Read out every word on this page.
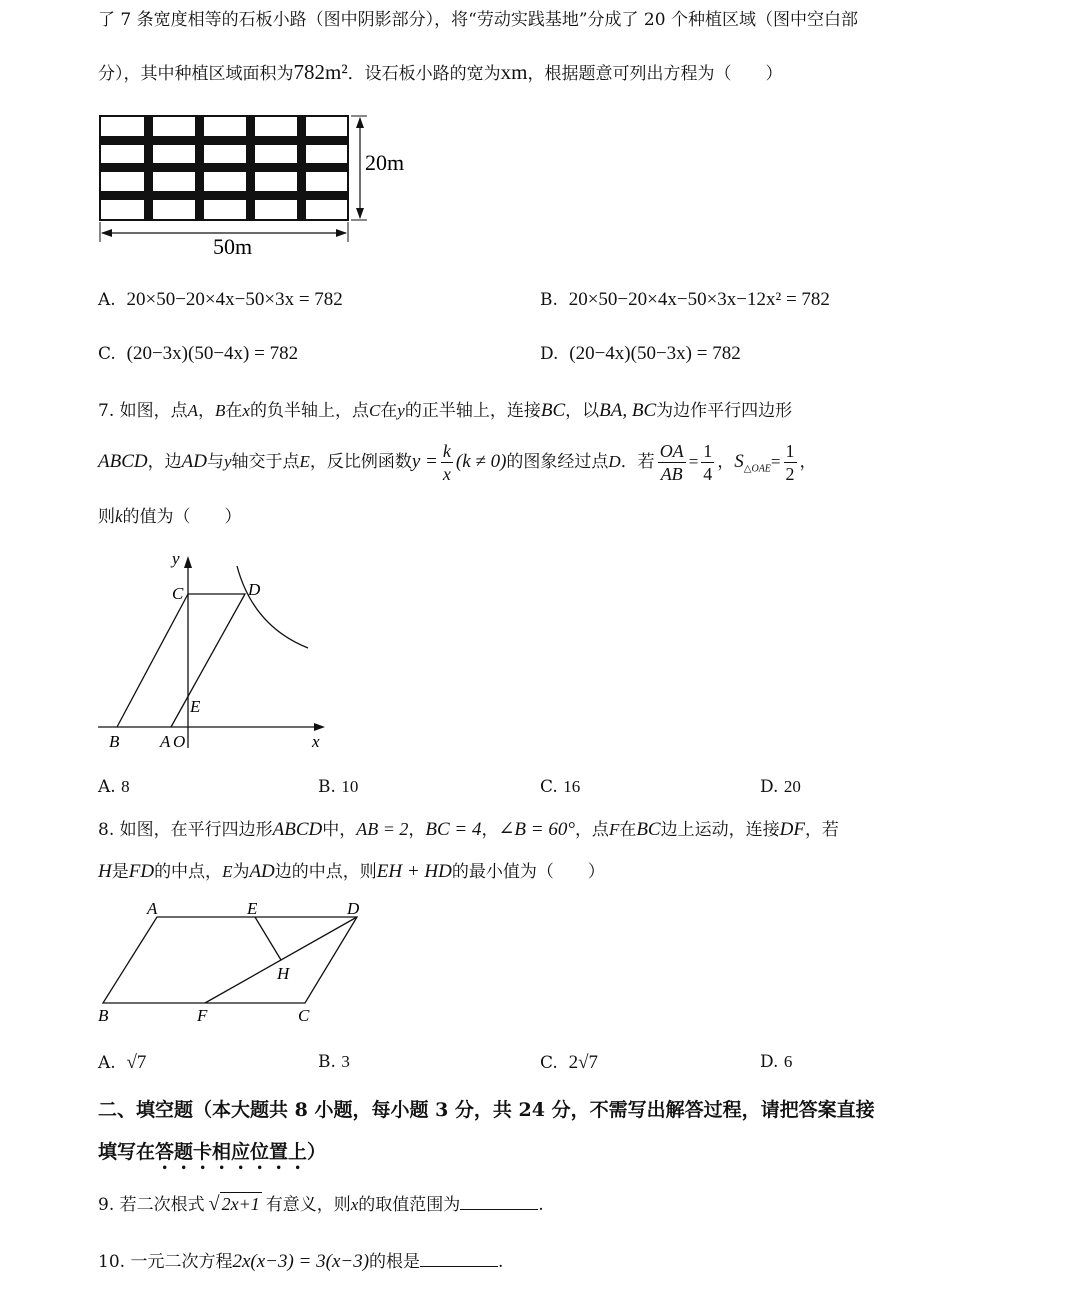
了 7 条宽度相等的石板小路（图中阴影部分），将“劳动实践基地”分成了 20 个种植区域（图中空白部
分），其中种植区域面积为782m²．设石板小路的宽为xm，根据题意可列出方程为（　　）
20m
50m
A. 20×50−20×4x−50×3x = 782	B. 20×50−20×4x−50×3x−12x² = 782
C. (20−3x)(50−4x) = 782	D. (20−4x)(50−3x) = 782
7. 如图，点A，B在x的负半轴上，点C在y的正半轴上，连接BC，以BA, BC为边作平行四边形
ABCD，边AD与y轴交于点E，反比例函数$y = \frac{k}{x} (k \ne 0)$的图象经过点D．若 $\frac{OA}{AB} = \frac{1}{4}$ ，$S_{\triangle OAE}= \frac{1}{2}$ ，
则k的值为（　　）
y
C	D
E
B A O	x
A. 8	B. 10	C. 16	D. 20
8. 如图，在平行四边形ABCD中，AB = 2，BC = 4，∠B = 60°，点F在BC边上运动，连接DF，若
H是FD的中点，E为AD边的中点，则EH + HD的最小值为（　　）
A	E	D
H
B	F	C
A. √7	B. 3	C. 2√7	D. 6
二、填空题（本大题共 8 小题，每小题 3 分，共 24 分，不需写出解答过程，请把答案直接
填写在答题卡相应位置上）
9. 若二次根式 √ 2x+1 有意义，则x的取值范围为	.
10. 一元二次方程2x(x−3) = 3(x−3)的根是	.
